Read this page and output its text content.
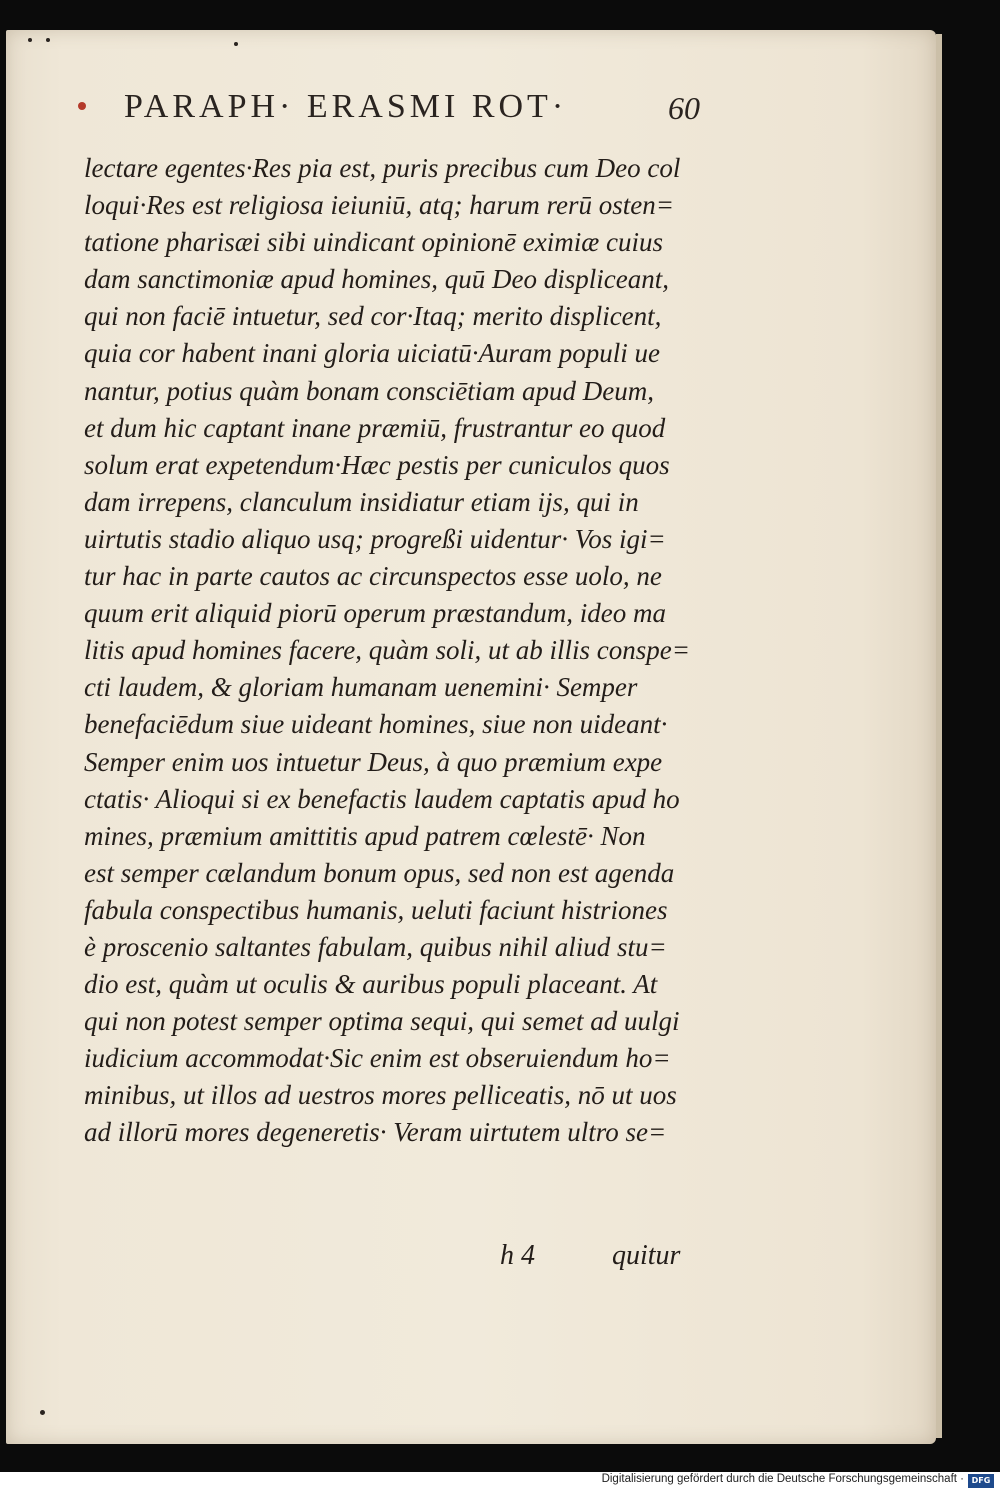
PARAPH· ERASMI ROT·	60
lectare egentes·Res pia est, puris precibus cum Deo col
loqui·Res est religiosa ieiuniū, atq; harum rerū osten=
tatione pharisæi sibi uindicant opinionē eximiæ cuius
dam sanctimoniæ apud homines, quū Deo displiceant,
qui non faciē intuetur, sed cor·Itaq; merito displicent,
quia cor habent inani gloria uiciatū·Auram populi ue
nantur, potius quàm bonam consciētiam apud Deum,
et dum hic captant inane præmiū, frustrantur eo quod
solum erat expetendum·Hæc pestis per cuniculos quos
dam irrepens, clanculum insidiatur etiam ijs, qui in
uirtutis stadio aliquo usq; progreßi uidentur· Vos igi=
tur hac in parte cautos ac circunspectos esse uolo, ne
quum erit aliquid piorū operum præstandum, ideo ma
litis apud homines facere, quàm soli, ut ab illis conspe=
cti laudem, & gloriam humanam uenemini· Semper
benefaciēdum siue uideant homines, siue non uideant·
Semper enim uos intuetur Deus, à quo præmium expe
ctatis· Alioqui si ex benefactis laudem captatis apud ho
mines, præmium amittitis apud patrem cœlestē· Non
est semper cælandum bonum opus, sed non est agenda
fabula conspectibus humanis, ueluti faciunt histriones
è proscenio saltantes fabulam, quibus nihil aliud stu=
dio est, quàm ut oculis & auribus populi placeant. At
qui non potest semper optima sequi, qui semet ad uulgi
iudicium accommodat·Sic enim est obseruiendum ho=
minibus, ut illos ad uestros mores pelliceatis, nō ut uos
ad illorū mores degeneretis· Veram uirtutem ultro se=
h 4	quitur
Digitalisierung gefördert durch die Deutsche Forschungsgemeinschaft · DFG
